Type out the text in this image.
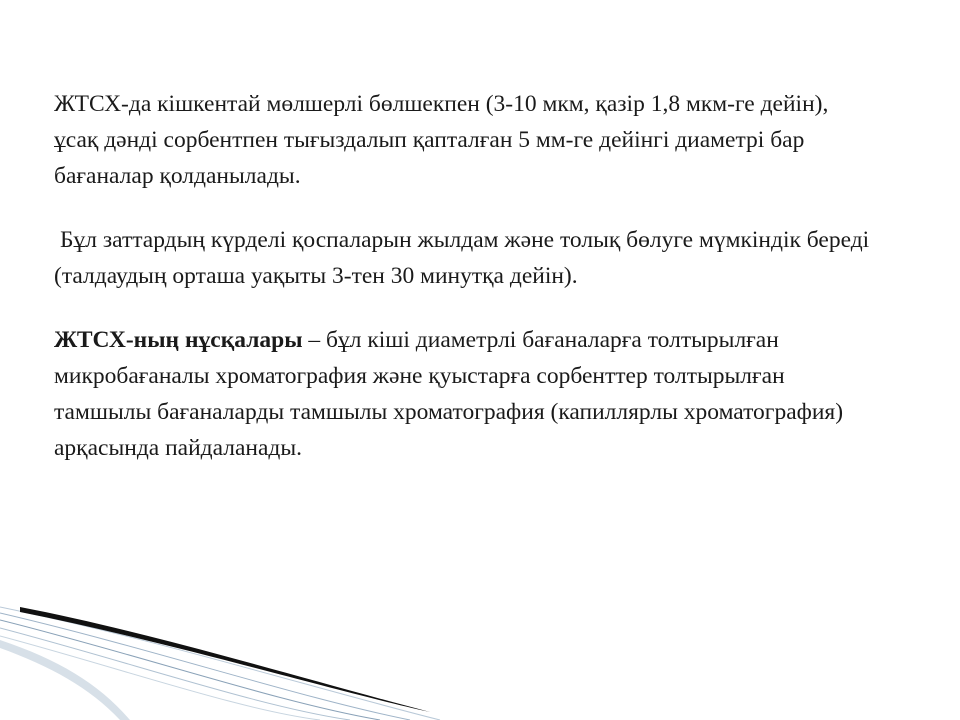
ЖТСХ-да кішкентай мөлшерлі бөлшекпен (3-10 мкм, қазір 1,8 мкм-ге дейін), ұсақ дәнді сорбентпен тығыздалып қапталған 5 мм-ге дейінгі диаметрі бар бағаналар қолданылады.

Бұл заттардың күрделі қоспаларын жылдам және толық бөлуге мүмкіндік береді (талдаудың орташа уақыты 3-тен 30 минутқа дейін).

ЖТСХ-ның нұсқалары – бұл кіші диаметрлі бағаналарға толтырылған микробағаналы хроматография және қуыстарға сорбенттер толтырылған тамшылы бағаналарды тамшылы хроматография (капиллярлы хроматография) арқасында пайдаланады.
